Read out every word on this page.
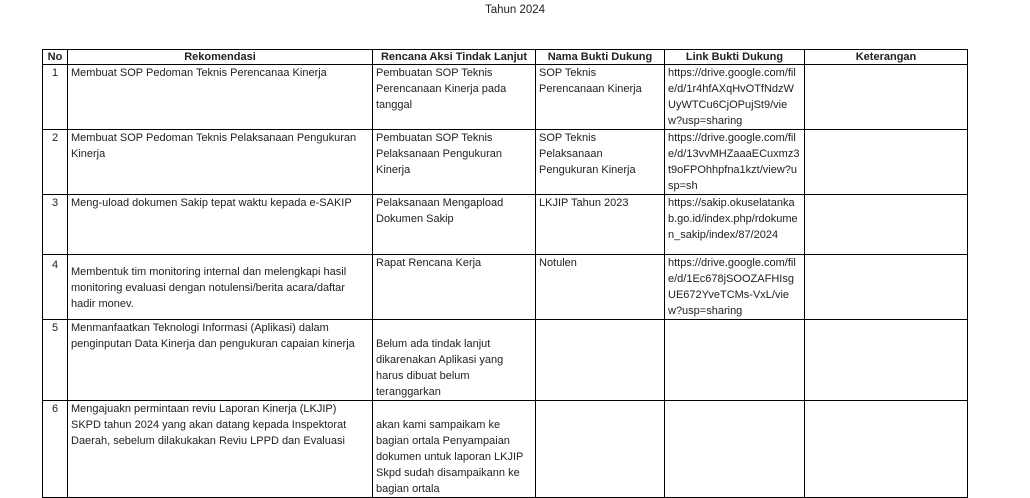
Tahun 2024
No	Rekomendasi	Rencana Aksi Tindak Lanjut	Nama Bukti Dukung	Link Bukti Dukung	Keterangan
1	Membuat SOP Pedoman Teknis Perencanaa Kinerja	Pembuatan SOP Teknis Perencanaan Kinerja pada tanggal	SOP Teknis Perencanaan Kinerja	https://drive.google.com/file/d/1r4hfAXqHvOTfNdzWUyWTCu6CjOPujSt9/view?usp=sharing	
2	Membuat SOP Pedoman Teknis Pelaksanaan Pengukuran Kinerja	Pembuatan SOP Teknis Pelaksanaan Pengukuran Kinerja	SOP Teknis Pelaksanaan Pengukuran Kinerja	https://drive.google.com/file/d/13vvMHZaaaECuxmz3t9oFPOhhpfna1kzt/view?usp=sh	
3	Meng-uload dokumen Sakip tepat waktu kepada e-SAKIP	Pelaksanaan Mengapload Dokumen Sakip	LKJIP Tahun 2023	https://sakip.okuselatankab.go.id/index.php/rdokumen_sakip/index/87/2024	

4	Membentuk tim monitoring internal dan melengkapi hasil monitoring evaluasi dengan notulensi/berita acara/daftar hadir monev.	Rapat Rencana Kerja	Notulen	https://drive.google.com/file/d/1Ec678jSOOZAFHIsgUE672YveTCMs-VxL/view?usp=sharing	
5	Menmanfaatkan Teknologi Informasi (Aplikasi) dalam penginputan Data Kinerja dan pengukuran capaian kinerja	Belum ada tindak lanjut dikarenakan Aplikasi yang harus dibuat belum teranggarkan			
6	Mengajuakn permintaan reviu Laporan Kinerja (LKJIP) SKPD tahun 2024 yang akan datang kepada Inspektorat Daerah, sebelum dilakukakan Reviu LPPD dan Evaluasi	akan kami sampaikam ke bagian ortala Penyampaian dokumen untuk laporan LKJIP Skpd sudah disampaikann ke bagian ortala			
